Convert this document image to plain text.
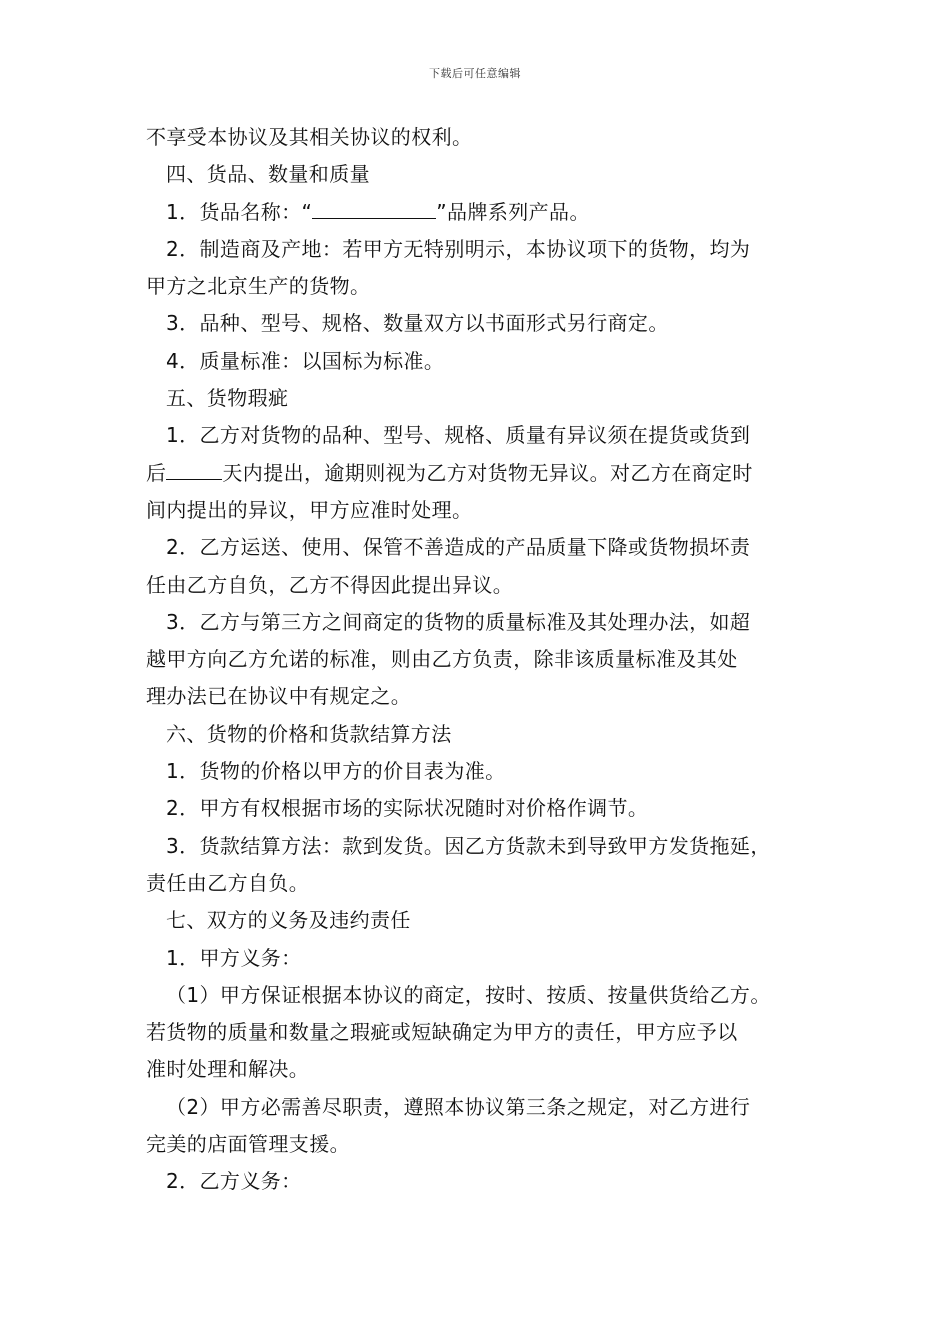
下载后可任意编辑
不享受本协议及其相关协议的权利。
四、货品、数量和质量
1．货品名称：“	”品牌系列产品。
2．制造商及产地：若甲方无特别明示，本协议项下的货物，均为
甲方之北京生产的货物。
3．品种、型号、规格、数量双方以书面形式另行商定。
4．质量标准：以国标为标准。
五、货物瑕疵
1．乙方对货物的品种、型号、规格、质量有异议须在提货或货到
后	天内提出，逾期则视为乙方对货物无异议。对乙方在商定时
间内提出的异议，甲方应准时处理。
2．乙方运送、使用、保管不善造成的产品质量下降或货物损坏责
任由乙方自负，乙方不得因此提出异议。
3．乙方与第三方之间商定的货物的质量标准及其处理办法，如超
越甲方向乙方允诺的标准，则由乙方负责，除非该质量标准及其处
理办法已在协议中有规定之。
六、货物的价格和货款结算方法
1．货物的价格以甲方的价目表为准。
2．甲方有权根据市场的实际状况随时对价格作调节。
3．货款结算方法：款到发货。因乙方货款未到导致甲方发货拖延，
责任由乙方自负。
七、双方的义务及违约责任
1．甲方义务：
（1）甲方保证根据本协议的商定，按时、按质、按量供货给乙方。
若货物的质量和数量之瑕疵或短缺确定为甲方的责任，甲方应予以
准时处理和解决。
（2）甲方必需善尽职责，遵照本协议第三条之规定，对乙方进行
完美的店面管理支援。
2．乙方义务：
